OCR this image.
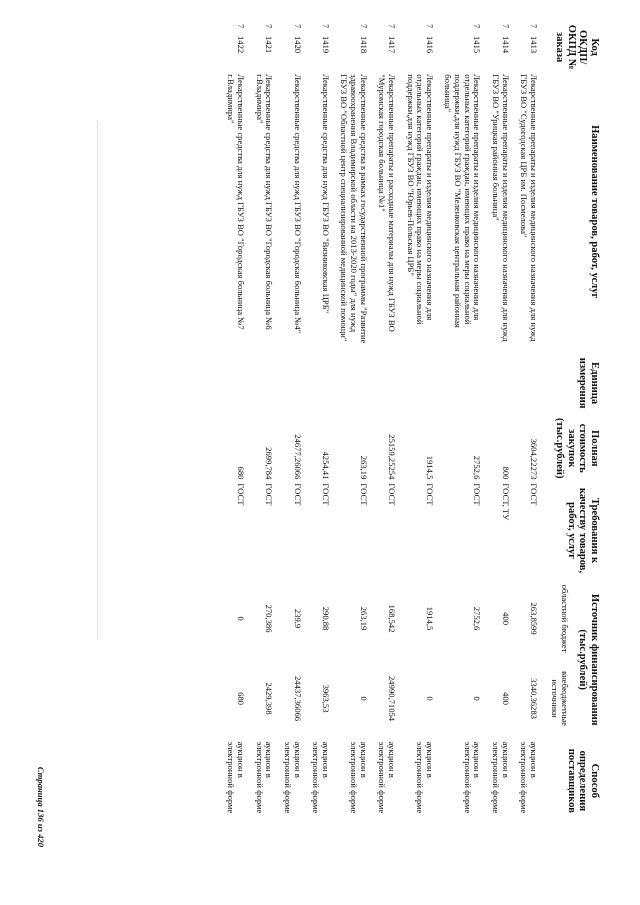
Код ОКДП/ ОКПД № заказа	Наименование товаров, работ, услуг	Единица измерения	Полная стоимость закупок (тыс.рублей)	Требования к качеству товаров, работ, услуг	Источник финансирования (тыс.рублей)		Способ определения поставщиков
					областной бюджет	внебюджетные источники	
71413	Лекарственные препараты и изделия медицинского назначения для нужд ГБУЗ ВО "Судогодская ЦРБ им. Посмелова"		3604,22273	ГОСТ	263,8599	3340,36283	аукцион в электронной форме
71414	Лекарственные препараты и изделия медицинского назначения для нужд ГБУЗ ВО "Урицкая районная больница"		800	ГОСТ, ТУ	400	400	аукцион в электронной форме
71415	Лекарственные препараты и изделия медицинского назначения для отдельных категорий граждан, имеющих право на меры социальной поддержки,для нужд ГБУЗ ВО "Меленковская центральная районная больница"		2752,6	ГОСТ	2752,6	0	аукцион в электронной форме
71416	Лекарственные препараты и изделия медицинского назначения для отдельных категорий граждан, имеющих право на меры социальной поддержки,для нужд ГБУЗ ВО "Юрьев-Польская ЦРБ"		1914,5	ГОСТ	1914,5	0	аукцион в электронной форме
71417	Лекарственные препараты и расходные материалы для нужд ГБУЗ ВО "Муромская городская больница №1"		25159,25254	ГОСТ	168,542	24990,71054	аукцион в электронной форме
71418	Лекарственные средства в рамках государственной программы "Развитие здравоохранения Владимирской области на 2013-2020 годы" для нужд ГБУЗ ВО "Областной центр специализированной медицинской помощи"		263,19	ГОСТ	263,19	0	аукцион в электронной форме
71419	Лекарственные средства для нужд ГБУЗ ВО "Вязниковская ЦРБ"		4254,41	ГОСТ	290,88	3963,53	аукцион в электронной форме
71420	Лекарственные средства для нужд ГБУЗ ВО "Городская больница №4"		24677,26066	ГОСТ	239,9	24437,36066	аукцион в электронной форме
71421	Лекарственные средства для нужд ГБУЗ ВО "Городская больница №6 г.Владимира"		2699,784	ГОСТ	270,386	2429,398	аукцион в электронной форме
71422	Лекарственные средства для нужд ГБУЗ ВО "Городская больница №7 г.Владимира"		680	ГОСТ	0	680	аукцион в электронной форме
Страница 136 из 420
